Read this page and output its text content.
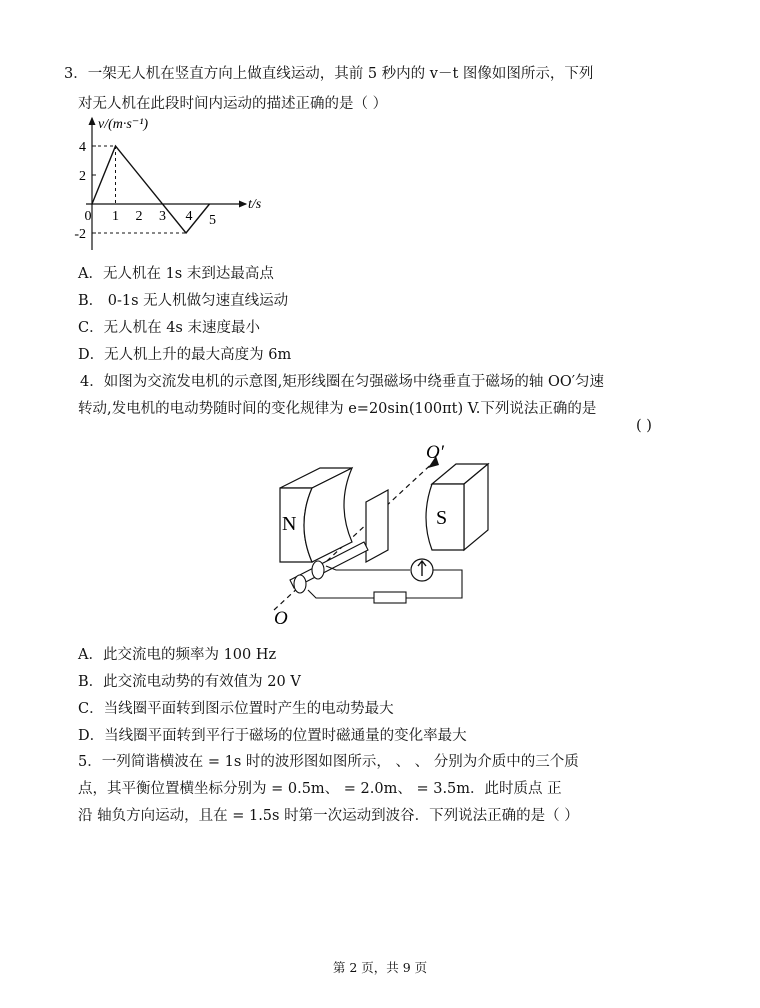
3．一架无人机在竖直方向上做直线运动，其前 5 秒内的 v－t 图像如图所示，下列
对无人机在此段时间内运动的描述正确的是（ ）
4
2
-2
0 1 2 3 4 5
v/(m·s⁻¹)
t/s
A．无人机在 1s 末到达最高点
B． 0-1s 无人机做匀速直线运动
C．无人机在 4s 末速度最小
D．无人机上升的最大高度为 6m
4．如图为交流发电机的示意图,矩形线圈在匀强磁场中绕垂直于磁场的轴 OO′匀速
转动,发电机的电动势随时间的变化规律为 e=20sin(100πt) V.下列说法正确的是
( )
N	S
O′
O
A．此交流电的频率为 100 Hz
B．此交流电动势的有效值为 20 V
C．当线圈平面转到图示位置时产生的电动势最大
D．当线圈平面转到平行于磁场的位置时磁通量的变化率最大
5．一列简谐横波在 = 1s 时的波形图如图所示， 、 、 分别为介质中的三个质
点，其平衡位置横坐标分别为 = 0.5m、 = 2.0m、 = 3.5m．此时质点 正
沿 轴负方向运动，且在 = 1.5s 时第一次运动到波谷．下列说法正确的是（ ）
第 2 页，共 9 页
